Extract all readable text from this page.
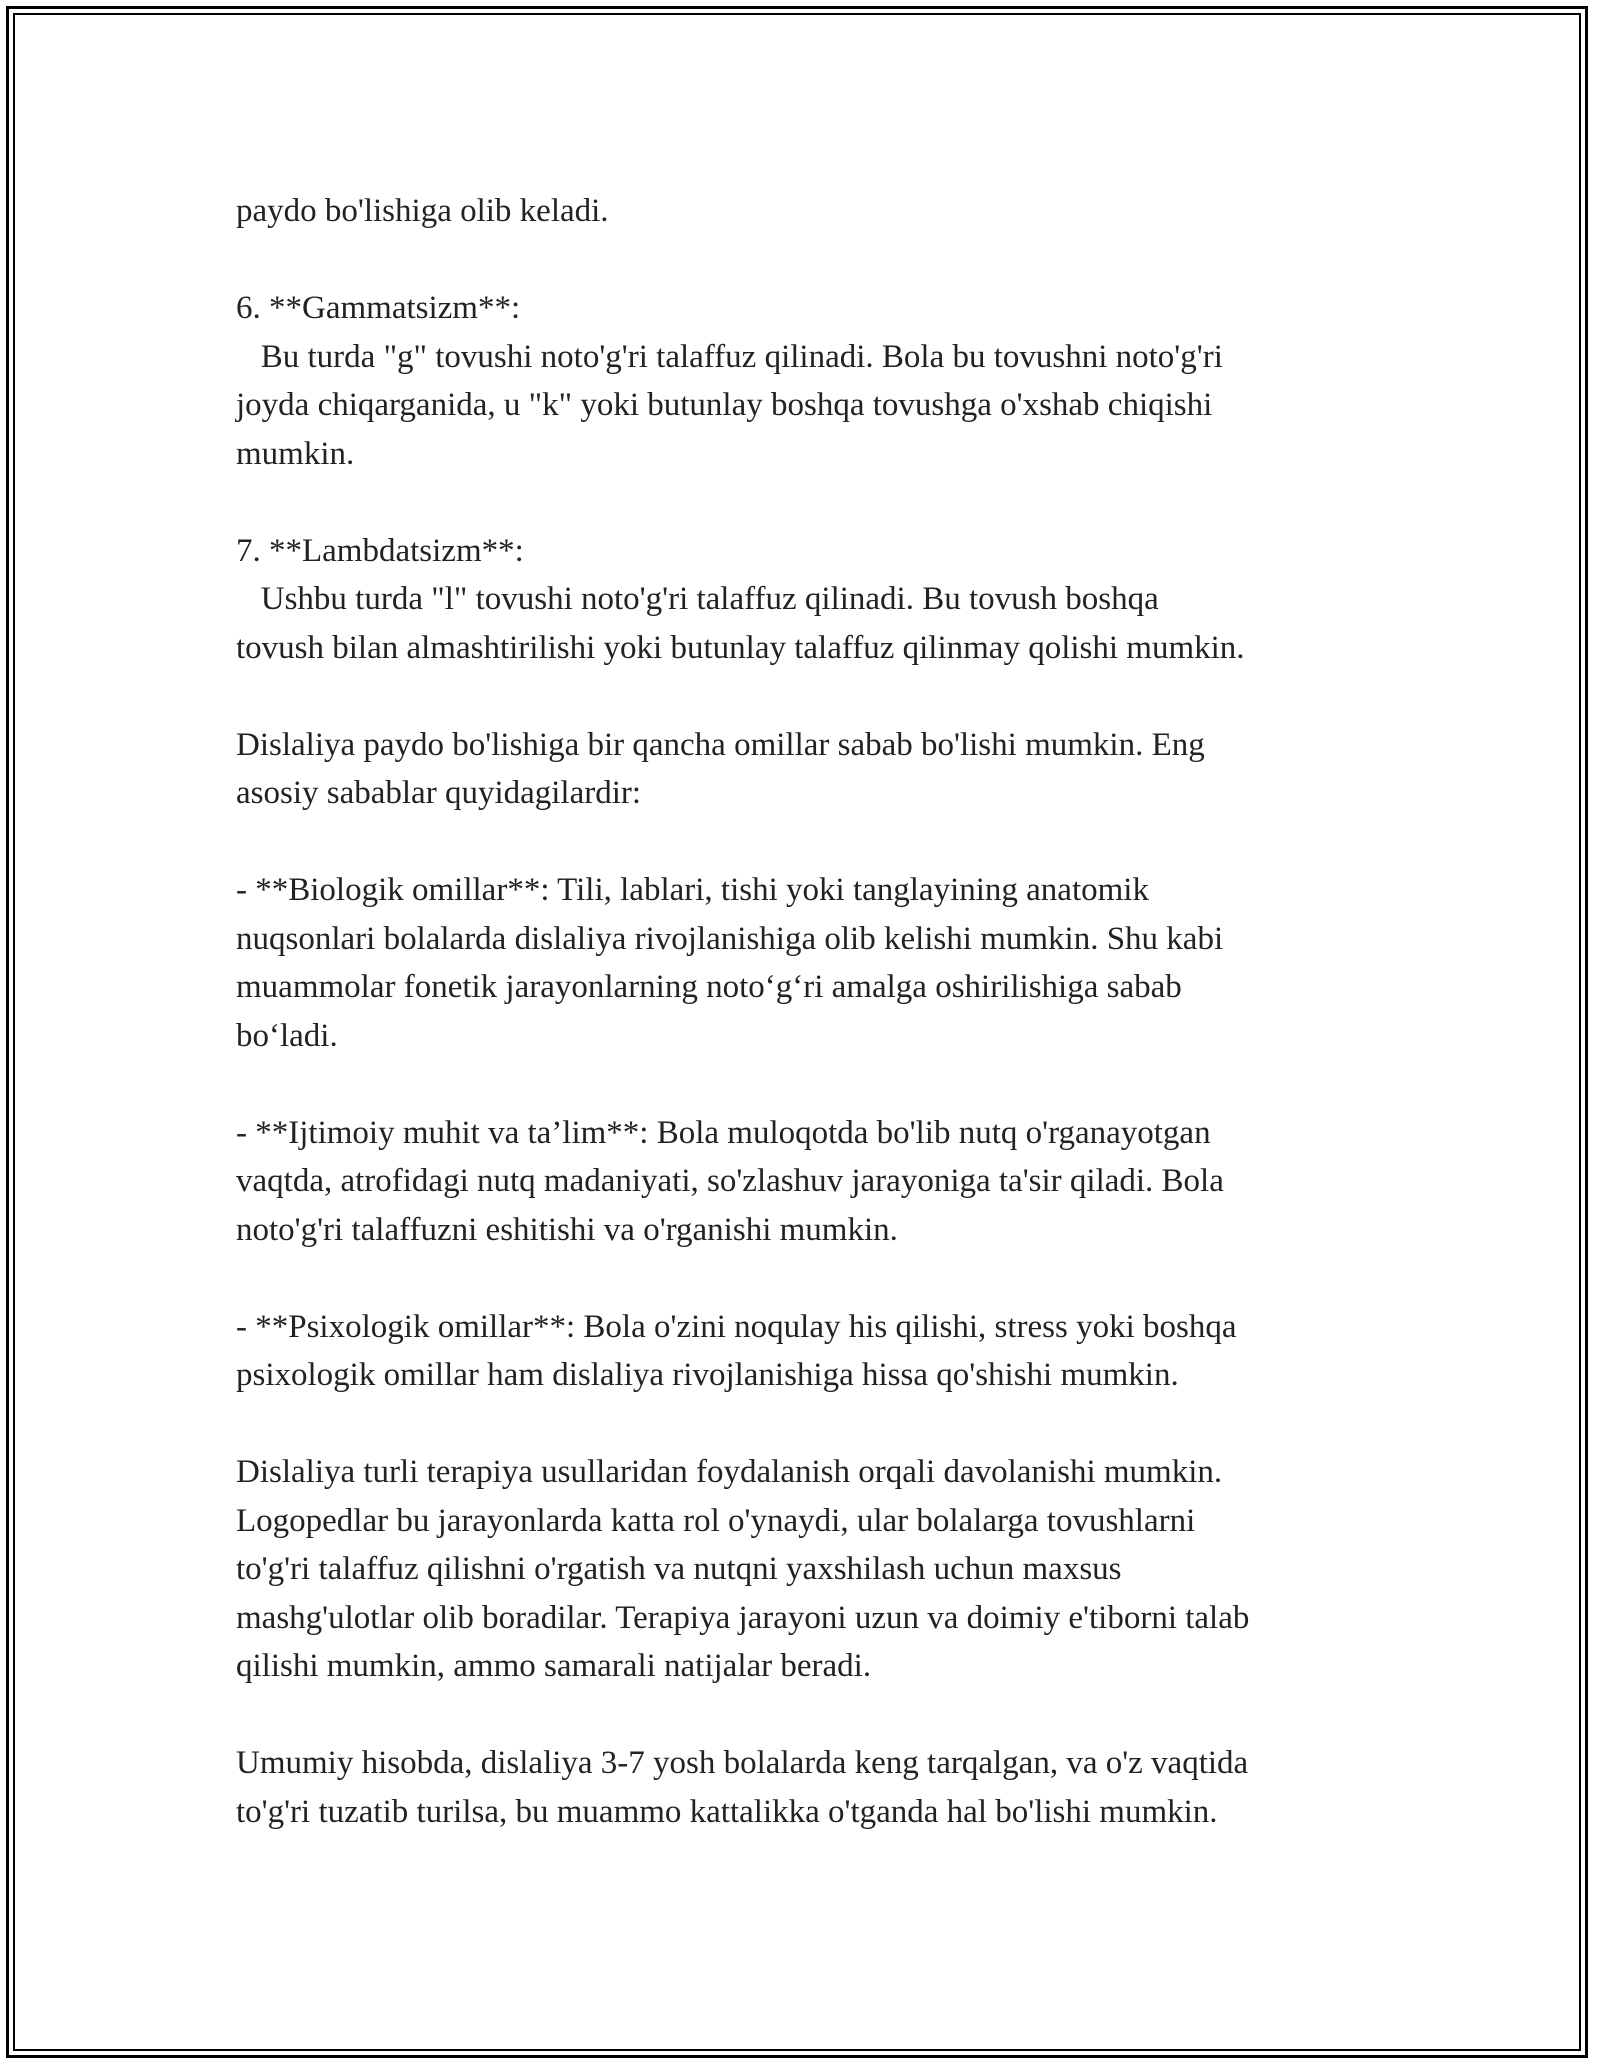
paydo bo'lishiga olib keladi.
6. **Gammatsizm**:
Bu turda "g" tovushi noto'g'ri talaffuz qilinadi. Bola bu tovushni noto'g'ri
joyda chiqarganida, u "k" yoki butunlay boshqa tovushga o'xshab chiqishi
mumkin.
7. **Lambdatsizm**:
Ushbu turda "l" tovushi noto'g'ri talaffuz qilinadi. Bu tovush boshqa
tovush bilan almashtirilishi yoki butunlay talaffuz qilinmay qolishi mumkin.
Dislaliya paydo bo'lishiga bir qancha omillar sabab bo'lishi mumkin. Eng
asosiy sabablar quyidagilardir:
- **Biologik omillar**: Tili, lablari, tishi yoki tanglayining anatomik
nuqsonlari bolalarda dislaliya rivojlanishiga olib kelishi mumkin. Shu kabi
muammolar fonetik jarayonlarning noto‘g‘ri amalga oshirilishiga sabab
bo‘ladi.
- **Ijtimoiy muhit va ta’lim**: Bola muloqotda bo'lib nutq o'rganayotgan
vaqtda, atrofidagi nutq madaniyati, so'zlashuv jarayoniga ta'sir qiladi. Bola
noto'g'ri talaffuzni eshitishi va o'rganishi mumkin.
- **Psixologik omillar**: Bola o'zini noqulay his qilishi, stress yoki boshqa
psixologik omillar ham dislaliya rivojlanishiga hissa qo'shishi mumkin.
Dislaliya turli terapiya usullaridan foydalanish orqali davolanishi mumkin.
Logopedlar bu jarayonlarda katta rol o'ynaydi, ular bolalarga tovushlarni
to'g'ri talaffuz qilishni o'rgatish va nutqni yaxshilash uchun maxsus
mashg'ulotlar olib boradilar. Terapiya jarayoni uzun va doimiy e'tiborni talab
qilishi mumkin, ammo samarali natijalar beradi.
Umumiy hisobda, dislaliya 3-7 yosh bolalarda keng tarqalgan, va o'z vaqtida
to'g'ri tuzatib turilsa, bu muammo kattalikka o'tganda hal bo'lishi mumkin.
